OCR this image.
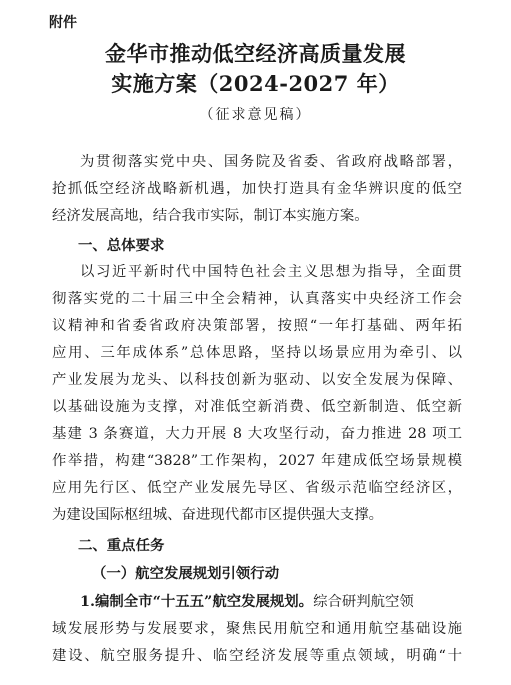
附件
金华市推动低空经济高质量发展
实施方案（2024-2027 年）
（征求意见稿）
为贯彻落实党中央、国务院及省委、省政府战略部署，
抢抓低空经济战略新机遇，加快打造具有金华辨识度的低空
经济发展高地，结合我市实际，制订本实施方案。
一、总体要求
以习近平新时代中国特色社会主义思想为指导，全面贯
彻落实党的二十届三中全会精神，认真落实中央经济工作会
议精神和省委省政府决策部署，按照“一年打基础、两年拓
应用、三年成体系”总体思路，坚持以场景应用为牵引、以
产业发展为龙头、以科技创新为驱动、以安全发展为保障、
以基础设施为支撑，对准低空新消费、低空新制造、低空新
基建 3 条赛道，大力开展 8 大攻坚行动，奋力推进 28 项工
作举措，构建“3828”工作架构，2027 年建成低空场景规模
应用先行区、低空产业发展先导区、省级示范临空经济区，
为建设国际枢纽城、奋进现代都市区提供强大支撑。
二、重点任务
（一）航空发展规划引领行动
1.编制全市“十五五”航空发展规划。综合研判航空领
域发展形势与发展要求，聚焦民用航空和通用航空基础设施
建设、航空服务提升、临空经济发展等重点领域，明确“十
